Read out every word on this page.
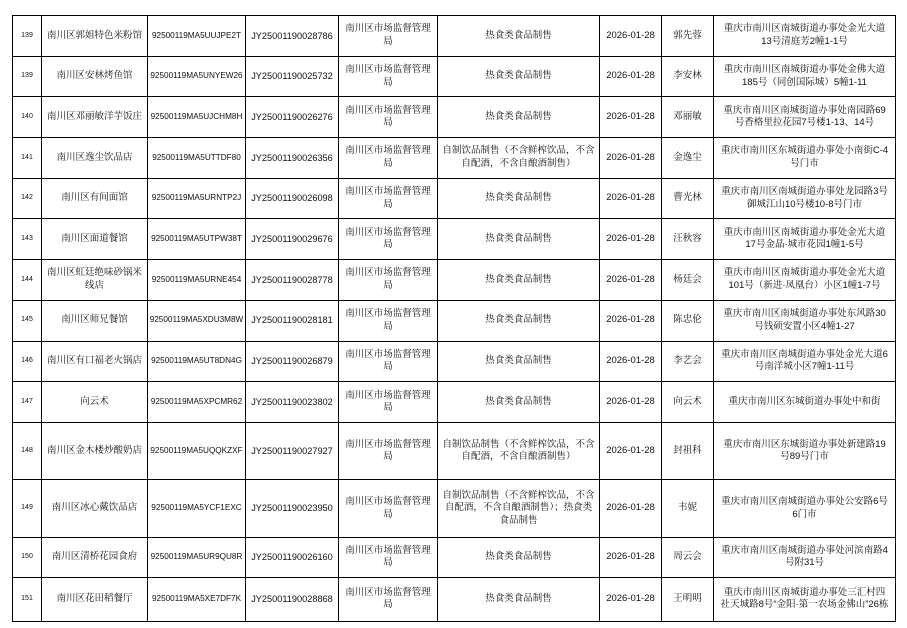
139	南川区郭姐特色米粉馆	92500119MA5UUJPE2T	JY25001190028786	南川区市场监督管理局	热食类食品制售	2026-01-28	郭先蓉	重庆市南川区南城街道办事处金光大道13号清庭芳2幢1-1号
139	南川区安林烤鱼馆	92500119MA5UNYEW26	JY25001190025732	南川区市场监督管理局	热食类食品制售	2026-01-28	李安林	重庆市南川区南城街道办事处金佛大道185号（同创国际城）5幢1-11
140	南川区邓丽敏洋芋饭庄	92500119MA5UJCHM8H	JY25001190026276	南川区市场监督管理局	热食类食品制售	2026-01-28	邓丽敏	重庆市南川区南城街道办事处南园路69号香格里拉花园7号楼1-13、14号
141	南川区逸尘饮品店	92500119MA5UTTDF80	JY25001190026356	南川区市场监督管理局	自制饮品制售（不含鲜榨饮品，不含自配酒，不含自酿酒制售）	2026-01-28	金逸尘	重庆市南川区东城街道办事处小南街C-4号门市
142	南川区有间面馆	92500119MA5URNTP2J	JY25001190026098	南川区市场监督管理局	热食类食品制售	2026-01-28	曹光林	重庆市南川区南城街道办事处龙园路3号御城江山10号楼10-8号门市
143	南川区面道餐馆	92500119MA5UTPW38T	JY25001190029676	南川区市场监督管理局	热食类食品制售	2026-01-28	汪秋容	重庆市南川区南城街道办事处金光大道17号金晶·城市花园1幢1-5号
144	南川区虹廷绝味砂锅米线店	92500119MA5URNE454	JY25001190028778	南川区市场监督管理局	热食类食品制售	2026-01-28	杨廷会	重庆市南川区南城街道办事处金光大道101号（新进·凤凰台）小区1幢1-7号
145	南川区师兄餐馆	92500119MA5XDU3M8W	JY25001190028181	南川区市场监督管理局	热食类食品制售	2026-01-28	陈忠伦	重庆市南川区南城街道办事处东风路30号钱硕安置小区4幢1-27
146	南川区有口福老火锅店	92500119MA5UT8DN4G	JY25001190026879	南川区市场监督管理局	热食类食品制售	2026-01-28	李艺会	重庆市南川区南城街道办事处金光大道6号南洋城小区7幢1-11号
147	向云术	92500119MA5XPCMR62	JY25001190023802	南川区市场监督管理局	热食类食品制售	2026-01-28	向云术	重庆市南川区东城街道办事处中和街
148	南川区金木楼炒酸奶店	92500119MA5UQQKZXF	JY25001190027927	南川区市场监督管理局	自制饮品制售（不含鲜榨饮品，不含自配酒，不含自酿酒制售）	2026-01-28	封祖科	重庆市南川区东城街道办事处新建路19号89号门市
149	南川区冰心戴饮品店	92500119MA5YCF1EXC	JY25001190023950	南川区市场监督管理局	自制饮品制售（不含鲜榨饮品，不含自配酒，不含自酿酒制售）；热食类食品制售	2026-01-28	韦妮	重庆市南川区南城街道办事处公安路6号6门市
150	南川区清桥花园食府	92500119MA5UR9QU8R	JY25001190026160	南川区市场监督管理局	热食类食品制售	2026-01-28	周云会	重庆市南川区南城街道办事处河滨南路4号附31号
151	南川区花田稻餐厅	92500119MA5XE7DF7K	JY25001190028868	南川区市场监督管理局	热食类食品制售	2026-01-28	王明明	重庆市南川区南城街道办事处三汇村四社天城路8号“金阳·第一农场金佛山”26栋
